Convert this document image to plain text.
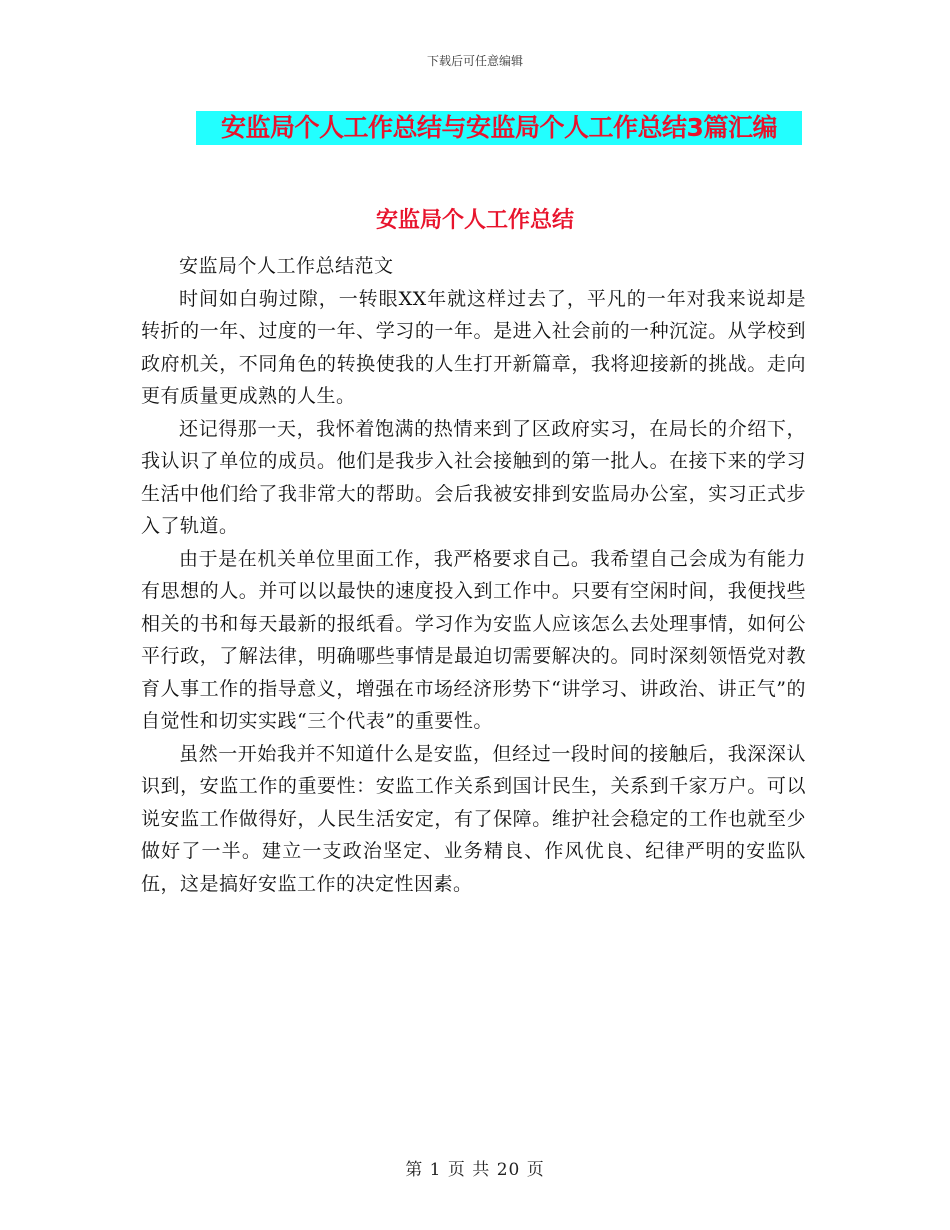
下载后可任意编辑
安监局个人工作总结与安监局个人工作总结3篇汇编
安监局个人工作总结

安监局个人工作总结范文

时间如白驹过隙，一转眼XX年就这样过去了，平凡的一年对我来说却是转折的一年、过度的一年、学习的一年。是进入社会前的一种沉淀。从学校到政府机关，不同角色的转换使我的人生打开新篇章，我将迎接新的挑战。走向更有质量更成熟的人生。

还记得那一天，我怀着饱满的热情来到了区政府实习，在局长的介绍下，我认识了单位的成员。他们是我步入社会接触到的第一批人。在接下来的学习生活中他们给了我非常大的帮助。会后我被安排到安监局办公室，实习正式步入了轨道。

由于是在机关单位里面工作，我严格要求自己。我希望自己会成为有能力有思想的人。并可以以最快的速度投入到工作中。只要有空闲时间，我便找些相关的书和每天最新的报纸看。学习作为安监人应该怎么去处理事情，如何公平行政，了解法律，明确哪些事情是最迫切需要解决的。同时深刻领悟党对教育人事工作的指导意义，增强在市场经济形势下“讲学习、讲政治、讲正气”的自觉性和切实实践“三个代表”的重要性。

虽然一开始我并不知道什么是安监，但经过一段时间的接触后，我深深认识到，安监工作的重要性：安监工作关系到国计民生，关系到千家万户。可以说安监工作做得好，人民生活安定，有了保障。维护社会稳定的工作也就至少做好了一半。建立一支政治坚定、业务精良、作风优良、纪律严明的安监队伍，这是搞好安监工作的决定性因素。

第 1 页 共 20 页
